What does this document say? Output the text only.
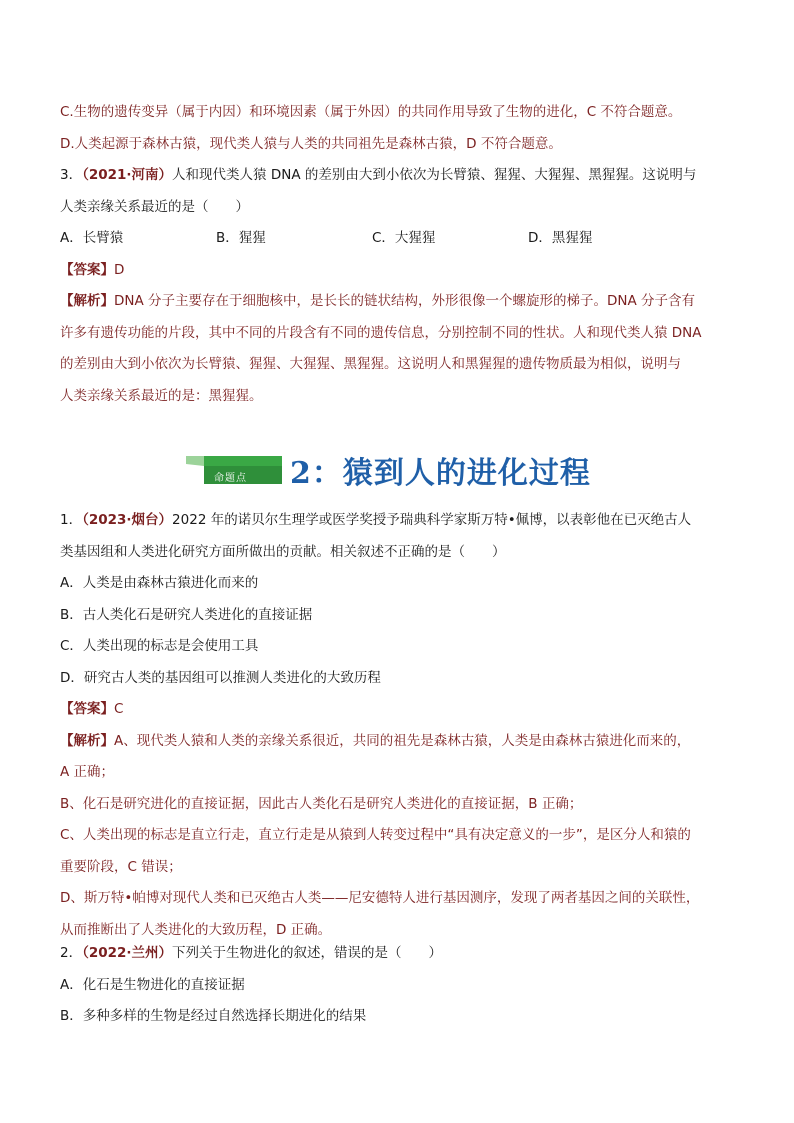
C.生物的遗传变异（属于内因）和环境因素（属于外因）的共同作用导致了生物的进化，C 不符合题意。
D.人类起源于森林古猿，现代类人猿与人类的共同祖先是森林古猿，D 不符合题意。
3．（2021·河南）人和现代类人猿 DNA 的差别由大到小依次为长臂猿、猩猩、大猩猩、黑猩猩。这说明与
人类亲缘关系最近的是（　　）
A．长臂猿	B．猩猩	C．大猩猩	D．黑猩猩
【答案】D
【解析】DNA 分子主要存在于细胞核中，是长长的链状结构，外形很像一个螺旋形的梯子。DNA 分子含有
许多有遗传功能的片段，其中不同的片段含有不同的遗传信息，分别控制不同的性状。人和现代类人猿 DNA
的差别由大到小依次为长臂猿、猩猩、大猩猩、黑猩猩。这说明人和黑猩猩的遗传物质最为相似，说明与
人类亲缘关系最近的是：黑猩猩。
命题点 2：猿到人的进化过程
1．（2023·烟台）2022 年的诺贝尔生理学或医学奖授予瑞典科学家斯万特•佩博，以表彰他在已灭绝古人
类基因组和人类进化研究方面所做出的贡献。相关叙述不正确的是（　　）
A．人类是由森林古猿进化而来的
B．古人类化石是研究人类进化的直接证据
C．人类出现的标志是会使用工具
D．研究古人类的基因组可以推测人类进化的大致历程
【答案】C
【解析】A、现代类人猿和人类的亲缘关系很近，共同的祖先是森林古猿，人类是由森林古猿进化而来的，
A 正确；
B、化石是研究进化的直接证据，因此古人类化石是研究人类进化的直接证据，B 正确；
C、人类出现的标志是直立行走，直立行走是从猿到人转变过程中“具有决定意义的一步”，是区分人和猿的
重要阶段，C 错误；
D、斯万特•帕博对现代人类和已灭绝古人类——尼安德特人进行基因测序，发现了两者基因之间的关联性，
从而推断出了人类进化的大致历程，D 正确。
2．（2022·兰州）下列关于生物进化的叙述，错误的是（　　）
A．化石是生物进化的直接证据
B．多种多样的生物是经过自然选择长期进化的结果
